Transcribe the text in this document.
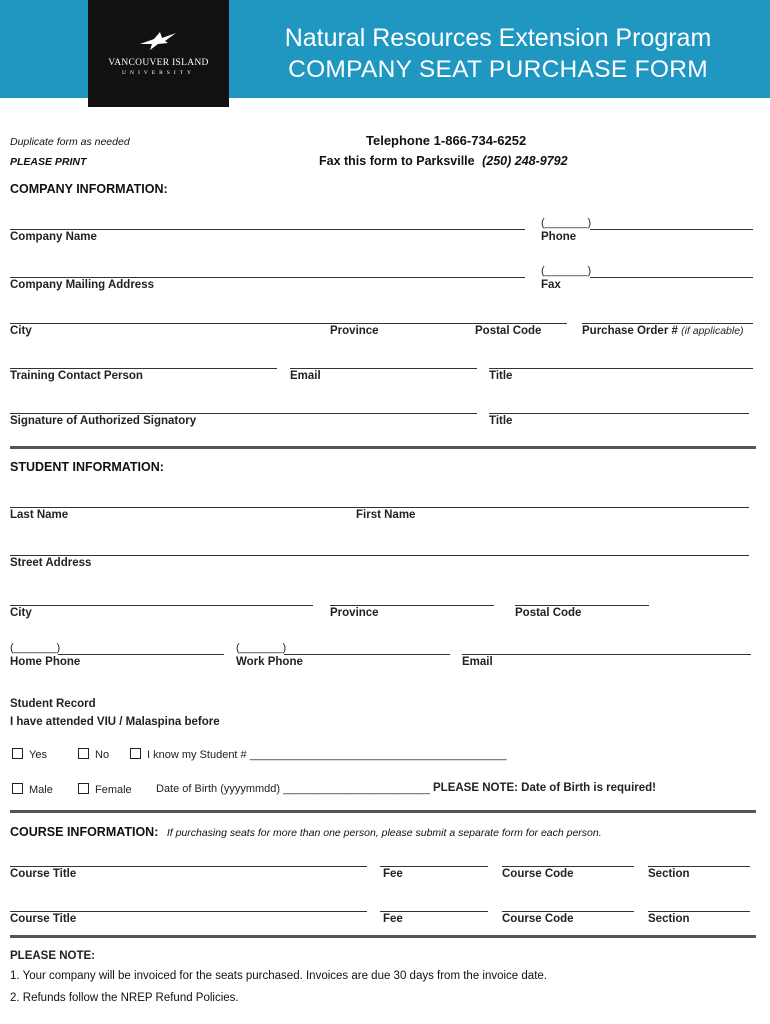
VANCOUVER ISLAND
UNIVERSITY
Natural Resources Extension Program
COMPANY SEAT PURCHASE FORM
Duplicate form as needed
PLEASE PRINT
Telephone 1-866-734-6252
Fax this form to Parksville (250) 248-9792
COMPANY INFORMATION:
(_______)
Company Name	Phone
(_______)
Company Mailing Address	Fax
City	Province	Postal Code	Purchase Order # (if applicable)
Training Contact Person	Email	Title
Signature of Authorized Signatory	Title
STUDENT INFORMATION:
Last Name	First Name
Street Address
City	Province	Postal Code
(_______)	(_______)
Home Phone	Work Phone	Email
Student Record
I have attended VIU / Malaspina before
Yes	No	I know my Student # __________________________________________
Male	Female Date of Birth (yyyymmdd) ________________________ PLEASE NOTE: Date of Birth is required!
COURSE INFORMATION: If purchasing seats for more than one person, please submit a separate form for each person.
Course Title	Fee	Course Code	Section
Course Title	Fee	Course Code	Section
PLEASE NOTE:
1. Your company will be invoiced for the seats purchased. Invoices are due 30 days from the invoice date.
2. Refunds follow the NREP Refund Policies.
